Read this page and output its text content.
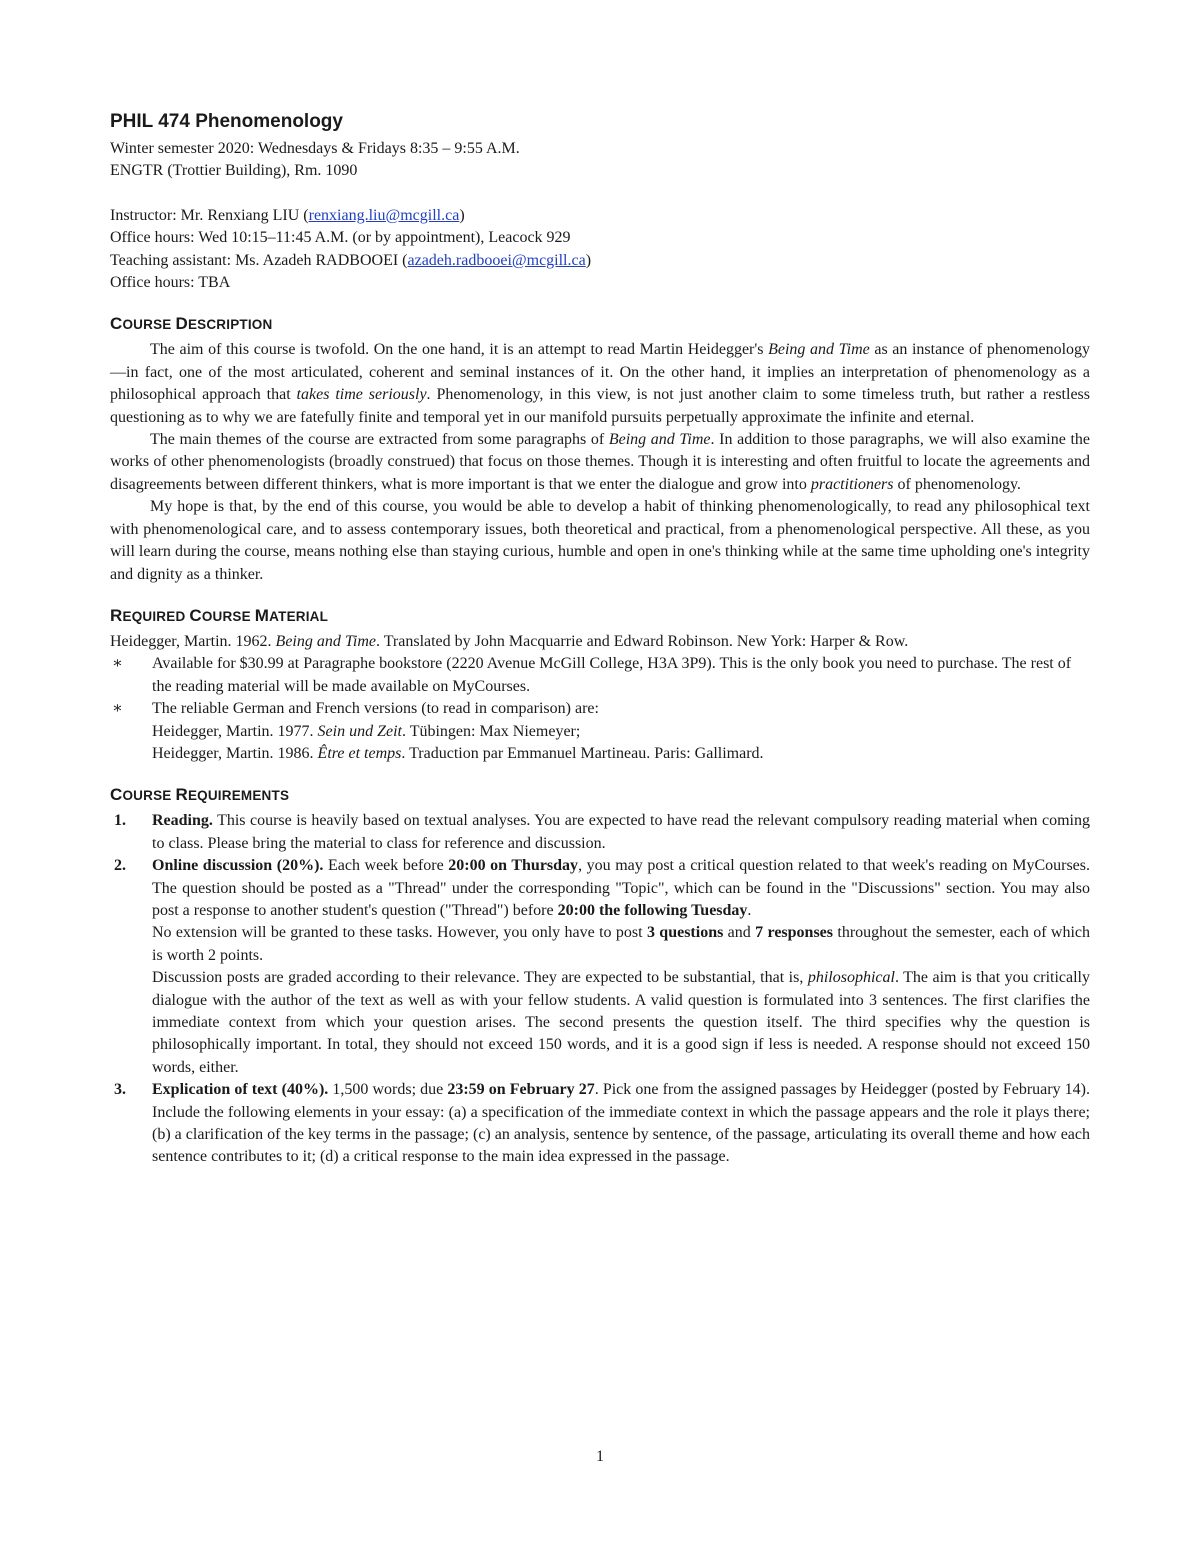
PHIL 474 Phenomenology

Winter semester 2020: Wednesdays & Fridays 8:35 – 9:55 A.M.

ENGTR (Trottier Building), Rm. 1090

Instructor: Mr. Renxiang LIU (renxiang.liu@mcgill.ca)

Office hours: Wed 10:15–11:45 A.M. (or by appointment), Leacock 929

Teaching assistant: Ms. Azadeh RADBOOEI (azadeh.radbooei@mcgill.ca)

Office hours: TBA

COURSE DESCRIPTION

The aim of this course is twofold. On the one hand, it is an attempt to read Martin Heidegger's Being and Time as an instance of phenomenology—in fact, one of the most articulated, coherent and seminal instances of it. On the other hand, it implies an interpretation of phenomenology as a philosophical approach that takes time seriously. Phenomenology, in this view, is not just another claim to some timeless truth, but rather a restless questioning as to why we are fatefully finite and temporal yet in our manifold pursuits perpetually approximate the infinite and eternal.

The main themes of the course are extracted from some paragraphs of Being and Time. In addition to those paragraphs, we will also examine the works of other phenomenologists (broadly construed) that focus on those themes. Though it is interesting and often fruitful to locate the agreements and disagreements between different thinkers, what is more important is that we enter the dialogue and grow into practitioners of phenomenology.

My hope is that, by the end of this course, you would be able to develop a habit of thinking phenomenologically, to read any philosophical text with phenomenological care, and to assess contemporary issues, both theoretical and practical, from a phenomenological perspective. All these, as you will learn during the course, means nothing else than staying curious, humble and open in one's thinking while at the same time upholding one's integrity and dignity as a thinker.

REQUIRED COURSE MATERIAL

Heidegger, Martin. 1962. Being and Time. Translated by John Macquarrie and Edward Robinson. New York: Harper & Row.

∗ Available for $30.99 at Paragraphe bookstore (2220 Avenue McGill College, H3A 3P9). This is the only book you need to purchase. The rest of the reading material will be made available on MyCourses.
∗ The reliable German and French versions (to read in comparison) are:
Heidegger, Martin. 1977. Sein und Zeit. Tübingen: Max Niemeyer;
Heidegger, Martin. 1986. Être et temps. Traduction par Emmanuel Martineau. Paris: Gallimard.
COURSE REQUIREMENTS
1. Reading. This course is heavily based on textual analyses. You are expected to have read the relevant compulsory reading material when coming to class. Please bring the material to class for reference and discussion.

2. Online discussion (20%). Each week before 20:00 on Thursday, you may post a critical question related to that week's reading on MyCourses. The question should be posted as a "Thread" under the corresponding "Topic", which can be found in the "Discussions" section. You may also post a response to another student's question ("Thread") before 20:00 the following Tuesday.

No extension will be granted to these tasks. However, you only have to post 3 questions and 7 responses throughout the semester, each of which is worth 2 points.

Discussion posts are graded according to their relevance. They are expected to be substantial, that is, philosophical. The aim is that you critically dialogue with the author of the text as well as with your fellow students. A valid question is formulated into 3 sentences. The first clarifies the immediate context from which your question arises. The second presents the question itself. The third specifies why the question is philosophically important. In total, they should not exceed 150 words, and it is a good sign if less is needed. A response should not exceed 150 words, either.

3. Explication of text (40%). 1,500 words; due 23:59 on February 27. Pick one from the assigned passages by Heidegger (posted by February 14). Include the following elements in your essay: (a) a specification of the immediate context in which the passage appears and the role it plays there; (b) a clarification of the key terms in the passage; (c) an analysis, sentence by sentence, of the passage, articulating its overall theme and how each sentence contributes to it; (d) a critical response to the main idea expressed in the passage.

1
